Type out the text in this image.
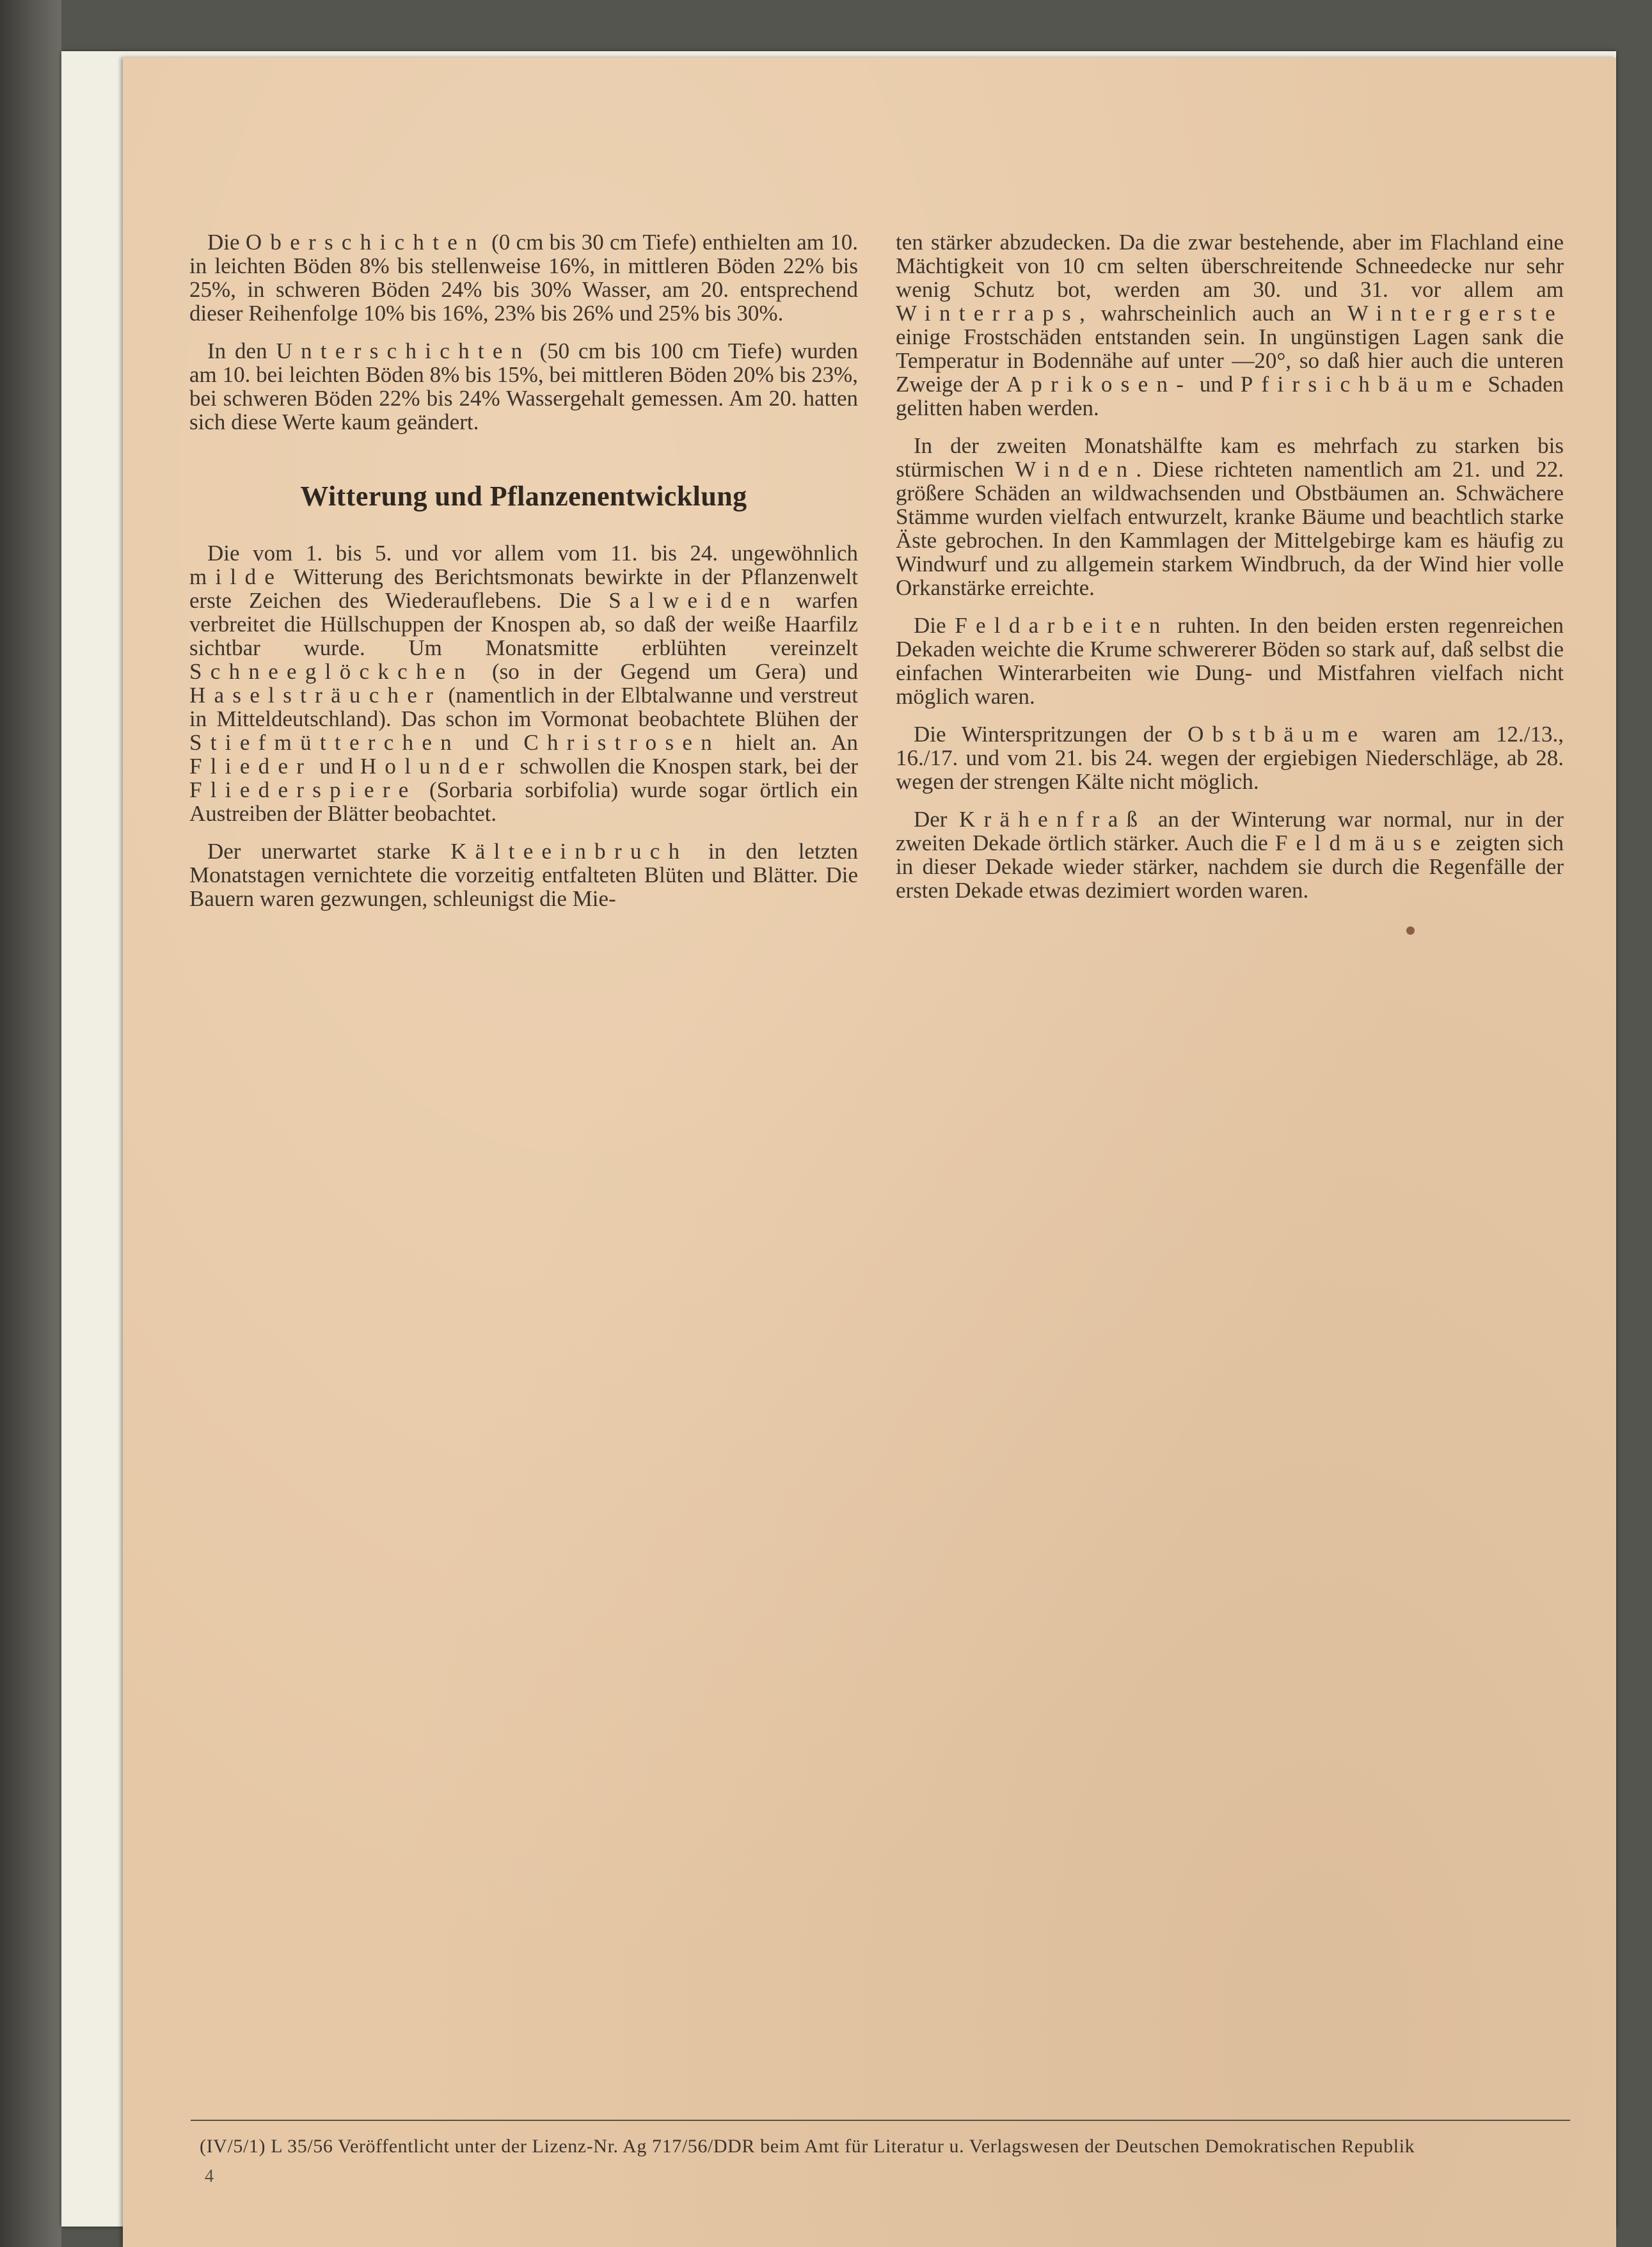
Die Oberschichten (0 cm bis 30 cm Tiefe) enthielten am 10. in leichten Böden 8% bis stellenweise 16%, in mittleren Böden 22% bis 25%, in schweren Böden 24% bis 30% Wasser, am 20. entsprechend dieser Reihenfolge 10% bis 16%, 23% bis 26% und 25% bis 30%.

In den Unterschichten (50 cm bis 100 cm Tiefe) wurden am 10. bei leichten Böden 8% bis 15%, bei mittleren Böden 20% bis 23%, bei schweren Böden 22% bis 24% Wassergehalt gemessen. Am 20. hatten sich diese Werte kaum geändert.

Witterung und Pflanzenentwicklung

Die vom 1. bis 5. und vor allem vom 11. bis 24. ungewöhnlich milde Witterung des Berichtsmonats bewirkte in der Pflanzenwelt erste Zeichen des Wiederauflebens. Die Salweiden warfen verbreitet die Hüllschuppen der Knospen ab, so daß der weiße Haarfilz sichtbar wurde. Um Monatsmitte erblühten vereinzelt Schneeglöckchen (so in der Gegend um Gera) und Haselsträucher (namentlich in der Elbtalwanne und verstreut in Mitteldeutschland). Das schon im Vormonat beobachtete Blühen der Stiefmütterchen und Christrosen hielt an. An Flieder und Holunder schwollen die Knospen stark, bei der Fliederspiere (Sorbaria sorbifolia) wurde sogar örtlich ein Austreiben der Blätter beobachtet.

Der unerwartet starke Kälteeinbruch in den letzten Monatstagen vernichtete die vorzeitig entfalteten Blüten und Blätter. Die Bauern waren gezwungen, schleunigst die Mie-

ten stärker abzudecken. Da die zwar bestehende, aber im Flachland eine Mächtigkeit von 10 cm selten überschreitende Schneedecke nur sehr wenig Schutz bot, werden am 30. und 31. vor allem am Winterraps, wahrscheinlich auch an Wintergerste einige Frostschäden entstanden sein. In ungünstigen Lagen sank die Temperatur in Bodennähe auf unter —20°, so daß hier auch die unteren Zweige der Aprikosen- und Pfirsichbäume Schaden gelitten haben werden.

In der zweiten Monatshälfte kam es mehrfach zu starken bis stürmischen Winden. Diese richteten namentlich am 21. und 22. größere Schäden an wildwachsenden und Obstbäumen an. Schwächere Stämme wurden vielfach entwurzelt, kranke Bäume und beachtlich starke Äste gebrochen. In den Kammlagen der Mittelgebirge kam es häufig zu Windwurf und zu allgemein starkem Windbruch, da der Wind hier volle Orkanstärke erreichte.

Die Feldarbeiten ruhten. In den beiden ersten regenreichen Dekaden weichte die Krume schwererer Böden so stark auf, daß selbst die einfachen Winterarbeiten wie Dung- und Mistfahren vielfach nicht möglich waren.

Die Winterspritzungen der Obstbäume waren am 12./13., 16./17. und vom 21. bis 24. wegen der ergiebigen Niederschläge, ab 28. wegen der strengen Kälte nicht möglich.

Der Krähenfraß an der Winterung war normal, nur in der zweiten Dekade örtlich stärker. Auch die Feldmäuse zeigten sich in dieser Dekade wieder stärker, nachdem sie durch die Regenfälle der ersten Dekade etwas dezimiert worden waren.

(IV/5/1) L 35/56 Veröffentlicht unter der Lizenz-Nr. Ag 717/56/DDR beim Amt für Literatur u. Verlagswesen der Deutschen Demokratischen Republik
4
